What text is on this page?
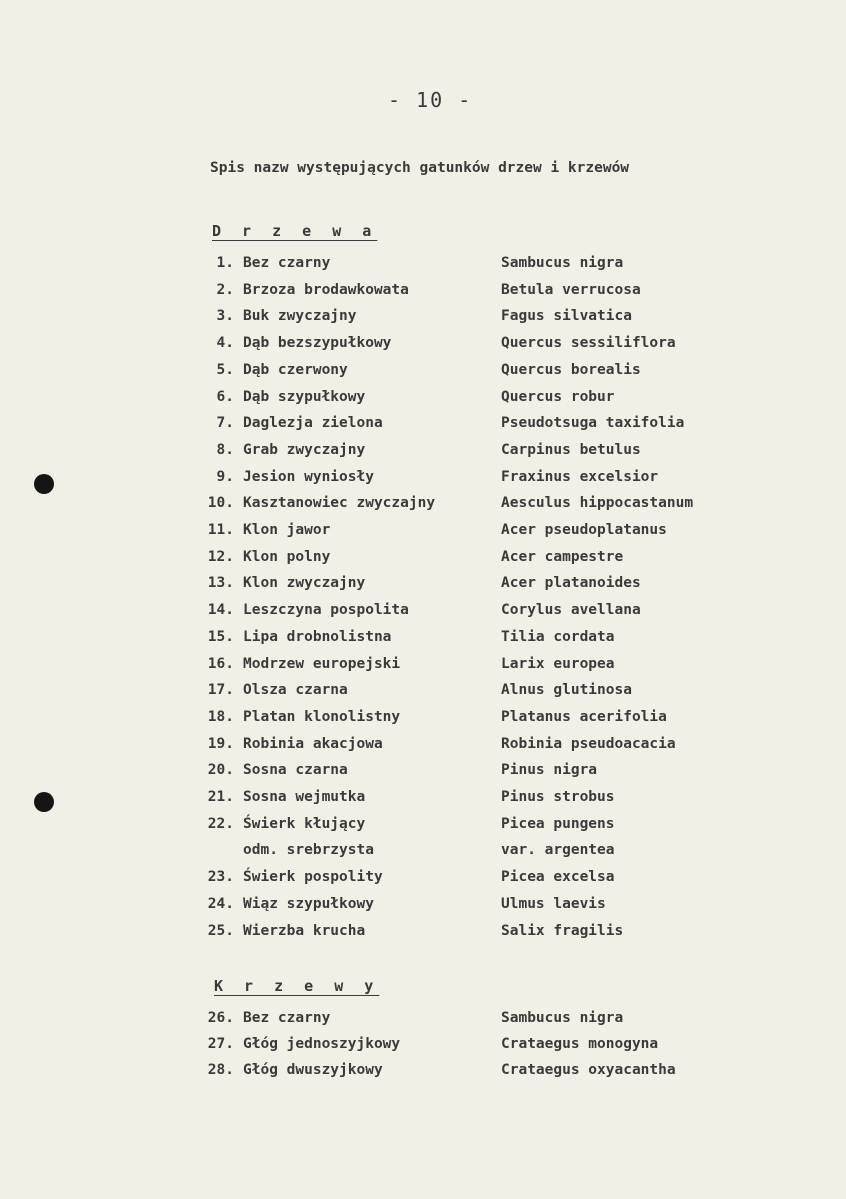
- 10 -
Spis nazw występujących gatunków drzew i krzewów
D r z e w a
1. Bez czarny	Sambucus nigra
2. Brzoza brodawkowata	Betula verrucosa
3. Buk zwyczajny	Fagus silvatica
4. Dąb bezszypułkowy	Quercus sessiliflora
5. Dąb czerwony	Quercus borealis
6. Dąb szypułkowy	Quercus robur
7. Daglezja zielona	Pseudotsuga taxifolia
8. Grab zwyczajny	Carpinus betulus
9. Jesion wyniosły	Fraxinus excelsior
10. Kasztanowiec zwyczajny	Aesculus hippocastanum
11. Klon jawor	Acer pseudoplatanus
12. Klon polny	Acer campestre
13. Klon zwyczajny	Acer platanoides
14. Leszczyna pospolita	Corylus avellana
15. Lipa drobnolistna	Tilia cordata
16. Modrzew europejski	Larix europea
17. Olsza czarna	Alnus glutinosa
18. Platan klonolistny	Platanus acerifolia
19. Robinia akacjowa	Robinia pseudoacacia
20. Sosna czarna	Pinus nigra
21. Sosna wejmutka	Pinus strobus
22. Świerk kłujący	Picea pungens
odm. srebrzysta	var. argentea
23. Świerk pospolity	Picea excelsa
24. Wiąz szypułkowy	Ulmus laevis
25. Wierzba krucha	Salix fragilis
K r z e w y
26. Bez czarny	Sambucus nigra
27. Głóg jednoszyjkowy	Crataegus monogyna
28. Głóg dwuszyjkowy	Crataegus oxyacantha
